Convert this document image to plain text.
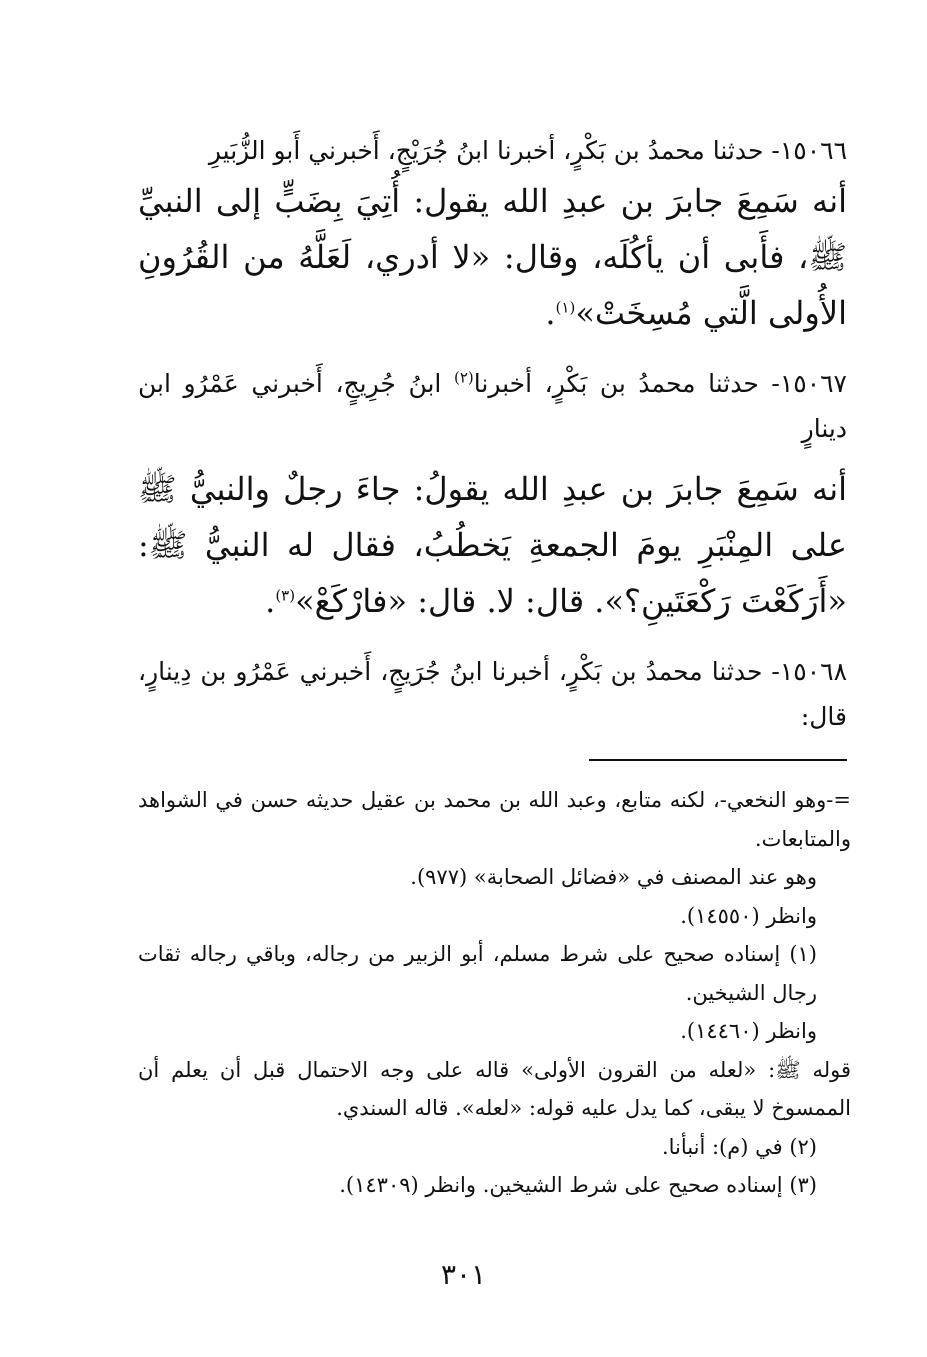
١٥٠٦٦- حدثنا محمدُ بن بَكْرٍ، أخبرنا ابنُ جُرَيْجٍ، أَخبرني أَبو الزُّبَيرِ

أنه سَمِعَ جابرَ بن عبدِ الله يقول: أُتِيَ بِضَبٍّ إلى النبيِّ ﷺ، فأَبى أن يأكُلَه، وقال: «لا أدري، لَعَلَّهُ من القُرُونِ الأُولى الَّتي مُسِخَتْ»$^{(١)}$.

١٥٠٦٧- حدثنا محمدُ بن بَكْرٍ، أخبرنا$^{(٢)}$ ابنُ جُرِيجٍ، أَخبرني عَمْرُو ابن دينارٍ

أنه سَمِعَ جابرَ بن عبدِ الله يقولُ: جاءَ رجلٌ والنبيُّ ﷺ على المِنْبَرِ يومَ الجمعةِ يَخطُبُ، فقال له النبيُّ ﷺ: «أَرَكَعْتَ رَكْعَتَينِ؟». قال: لا. قال: «فارْكَعْ»$^{(٣)}$.

١٥٠٦٨- حدثنا محمدُ بن بَكْرٍ، أخبرنا ابنُ جُرَيجٍ، أَخبرني عَمْرُو بن دِينارٍ، قال:

=-وهو النخعي-، لكنه متابع، وعبد الله بن محمد بن عقيل حديثه حسن في الشواهد والمتابعات.

وهو عند المصنف في «فضائل الصحابة» (٩٧٧).

وانظر (١٤٥٥٠).

(١) إسناده صحيح على شرط مسلم، أبو الزبير من رجاله، وباقي رجاله ثقات رجال الشيخين.

وانظر (١٤٤٦٠).

قوله ﷺ: «لعله من القرون الأولى» قاله على وجه الاحتمال قبل أن يعلم أن الممسوخ لا يبقى، كما يدل عليه قوله: «لعله». قاله السندي.

(٢) في (م): أنبأنا.

(٣) إسناده صحيح على شرط الشيخين. وانظر (١٤٣٠٩).

٣٠١
